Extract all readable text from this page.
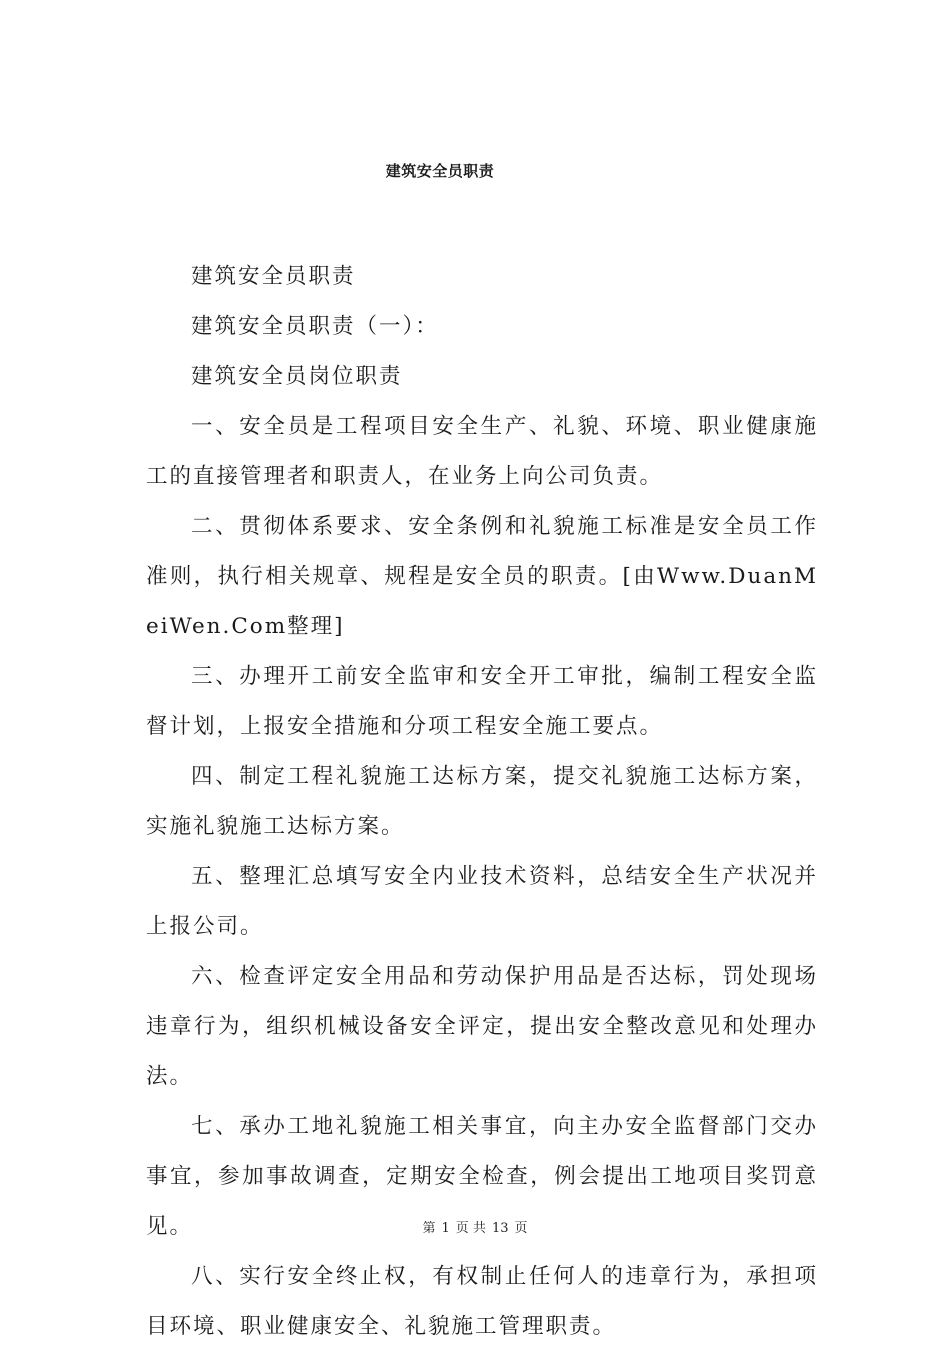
建筑安全员职责

建筑安全员职责

建筑安全员职责（一）：

建筑安全员岗位职责

一、安全员是工程项目安全生产、礼貌、环境、职业健康施工的直接管理者和职责人，在业务上向公司负责。

二、贯彻体系要求、安全条例和礼貌施工标准是安全员工作准则，执行相关规章、规程是安全员的职责。[由Www.DuanMeiWen.Com整理]

三、办理开工前安全监审和安全开工审批，编制工程安全监督计划，上报安全措施和分项工程安全施工要点。

四、制定工程礼貌施工达标方案，提交礼貌施工达标方案，实施礼貌施工达标方案。

五、整理汇总填写安全内业技术资料，总结安全生产状况并上报公司。

六、检查评定安全用品和劳动保护用品是否达标，罚处现场违章行为，组织机械设备安全评定，提出安全整改意见和处理办法。

七、承办工地礼貌施工相关事宜，向主办安全监督部门交办事宜，参加事故调查，定期安全检查，例会提出工地项目奖罚意见。

八、实行安全终止权，有权制止任何人的违章行为，承担项目环境、职业健康安全、礼貌施工管理职责。

第 1 页 共 13 页
